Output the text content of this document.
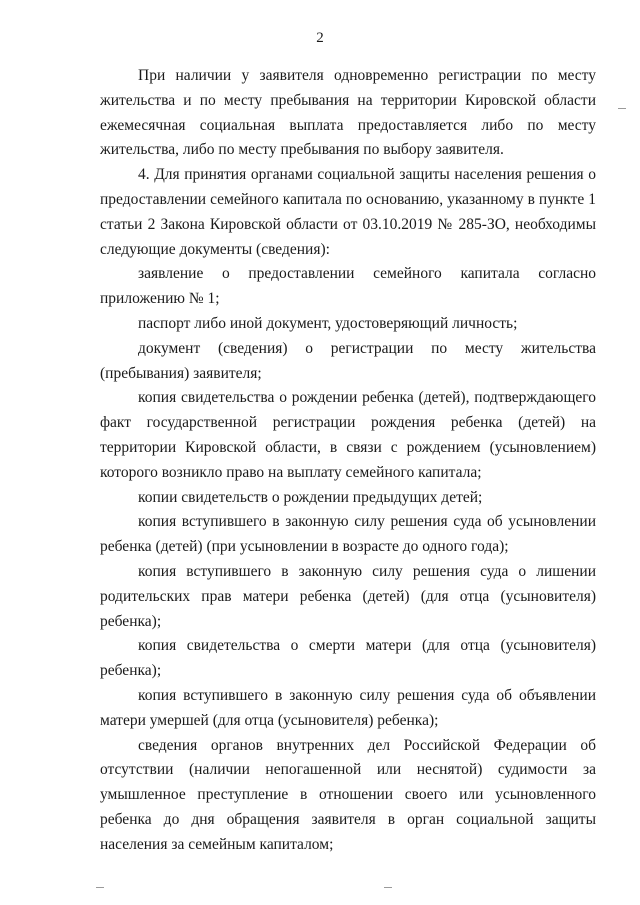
2

При наличии у заявителя одновременно регистрации по месту жительства и по месту пребывания на территории Кировской области ежемесячная социальная выплата предоставляется либо по месту жительства, либо по месту пребывания по выбору заявителя.

4. Для принятия органами социальной защиты населения решения о предоставлении семейного капитала по основанию, указанному в пункте 1 статьи 2 Закона Кировской области от 03.10.2019 № 285-ЗО, необходимы следующие документы (сведения):

заявление о предоставлении семейного капитала согласно приложению № 1;

паспорт либо иной документ, удостоверяющий личность;

документ (сведения) о регистрации по месту жительства (пребывания) заявителя;

копия свидетельства о рождении ребенка (детей), подтверждающего факт государственной регистрации рождения ребенка (детей) на территории Кировской области, в связи с рождением (усыновлением) которого возникло право на выплату семейного капитала;

копии свидетельств о рождении предыдущих детей;

копия вступившего в законную силу решения суда об усыновлении ребенка (детей) (при усыновлении в возрасте до одного года);

копия вступившего в законную силу решения суда о лишении родительских прав матери ребенка (детей) (для отца (усыновителя) ребенка);

копия свидетельства о смерти матери (для отца (усыновителя) ребенка);

копия вступившего в законную силу решения суда об объявлении матери умершей (для отца (усыновителя) ребенка);

сведения органов внутренних дел Российской Федерации об отсутствии (наличии непогашенной или неснятой) судимости за умышленное преступление в отношении своего или усыновленного ребенка до дня обращения заявителя в орган социальной защиты населения за семейным капиталом;
